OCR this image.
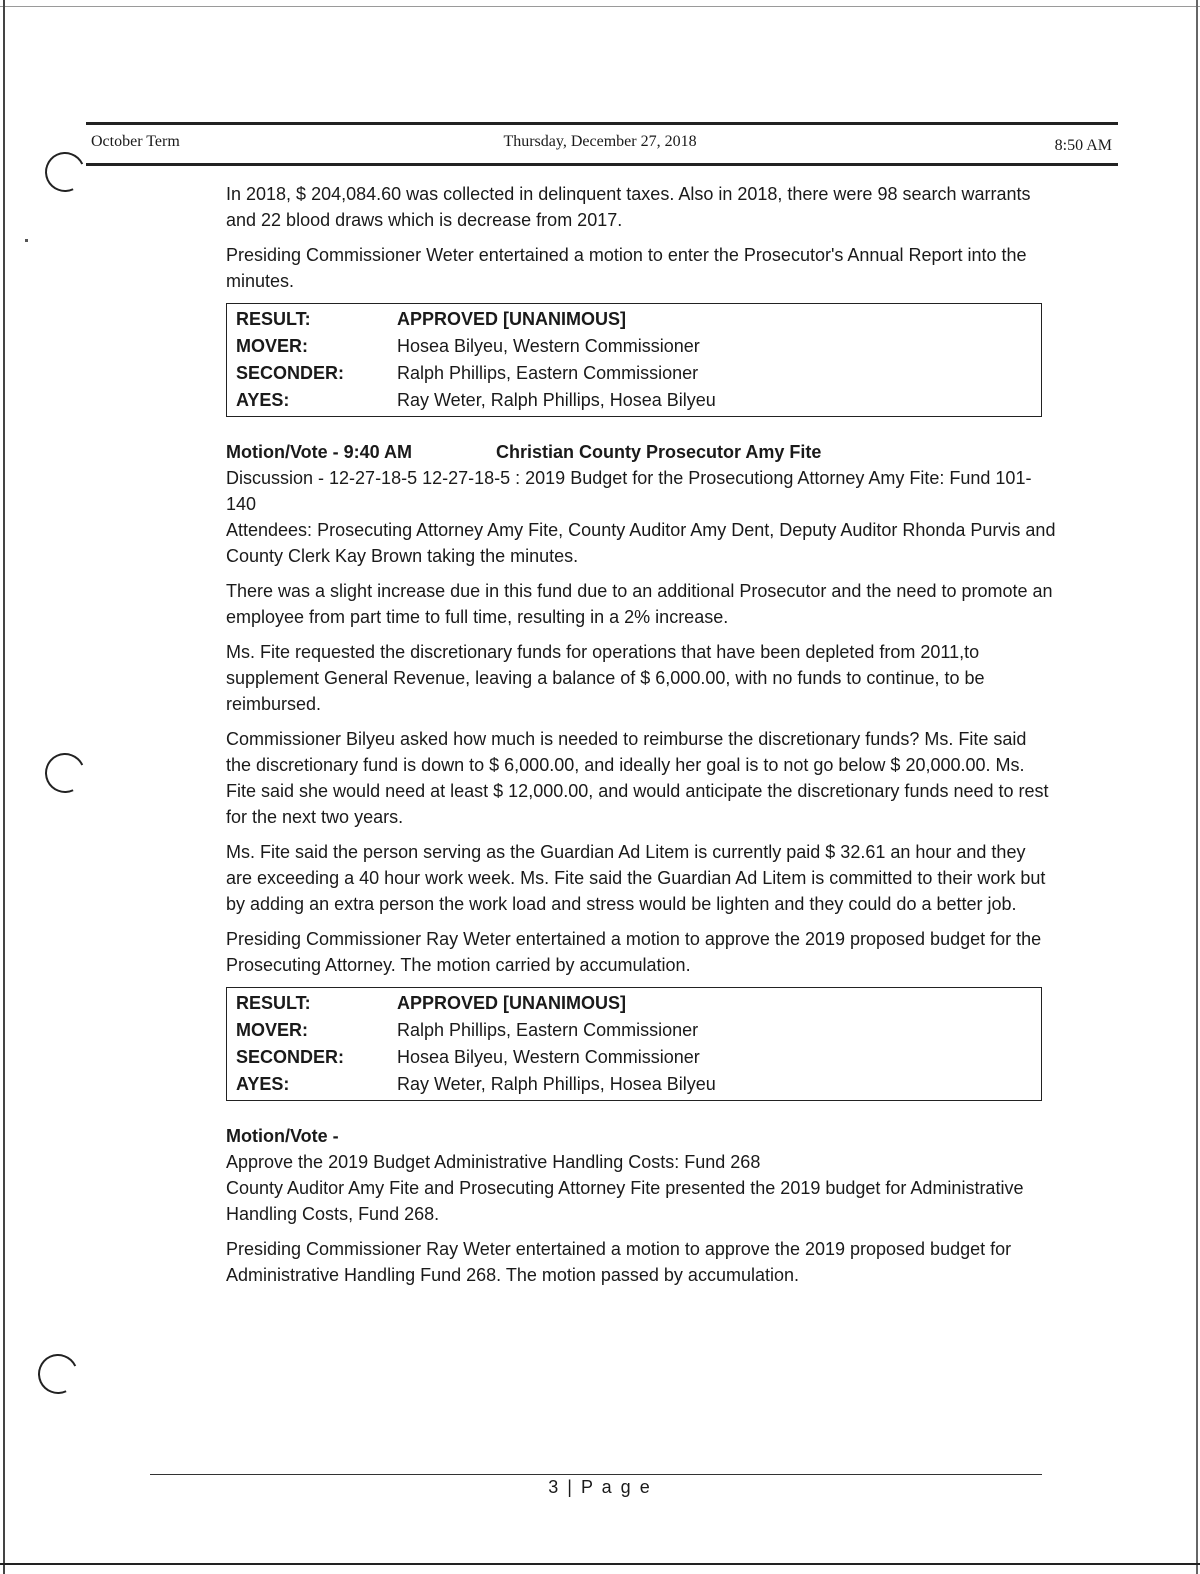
October Term	Thursday, December 27, 2018	8:50 AM

In 2018, $ 204,084.60 was collected in delinquent taxes. Also in 2018, there were 98 search warrants and 22 blood draws which is decrease from 2017.

Presiding Commissioner Weter entertained a motion to enter the Prosecutor's Annual Report into the minutes.

RESULT:	APPROVED [UNANIMOUS]
MOVER:	Hosea Bilyeu, Western Commissioner
SECONDER:	Ralph Phillips, Eastern Commissioner
AYES:	Ray Weter, Ralph Phillips, Hosea Bilyeu
Motion/Vote - 9:40 AM	Christian County Prosecutor Amy Fite

Discussion - 12-27-18-5 12-27-18-5 : 2019 Budget for the Prosecutiong Attorney Amy Fite: Fund 101-140

Attendees: Prosecuting Attorney Amy Fite, County Auditor Amy Dent, Deputy Auditor Rhonda Purvis and County Clerk Kay Brown taking the minutes.

There was a slight increase due in this fund due to an additional Prosecutor and the need to promote an employee from part time to full time, resulting in a 2% increase.

Ms. Fite requested the discretionary funds for operations that have been depleted from 2011,to supplement General Revenue, leaving a balance of $ 6,000.00, with no funds to continue, to be reimbursed.

Commissioner Bilyeu asked how much is needed to reimburse the discretionary funds? Ms. Fite said the discretionary fund is down to $ 6,000.00, and ideally her goal is to not go below $ 20,000.00. Ms. Fite said she would need at least $ 12,000.00, and would anticipate the discretionary funds need to rest for the next two years.

Ms. Fite said the person serving as the Guardian Ad Litem is currently paid $ 32.61 an hour and they are exceeding a 40 hour work week. Ms. Fite said the Guardian Ad Litem is committed to their work but by adding an extra person the work load and stress would be lighten and they could do a better job.

Presiding Commissioner Ray Weter entertained a motion to approve the 2019 proposed budget for the Prosecuting Attorney. The motion carried by accumulation.

RESULT:	APPROVED [UNANIMOUS]
MOVER:	Ralph Phillips, Eastern Commissioner
SECONDER:	Hosea Bilyeu, Western Commissioner
AYES:	Ray Weter, Ralph Phillips, Hosea Bilyeu

Motion/Vote -

Approve the 2019 Budget Administrative Handling Costs: Fund 268

County Auditor Amy Fite and Prosecuting Attorney Fite presented the 2019 budget for Administrative Handling Costs, Fund 268.

Presiding Commissioner Ray Weter entertained a motion to approve the 2019 proposed budget for Administrative Handling Fund 268. The motion passed by accumulation.

3 | P a g e
